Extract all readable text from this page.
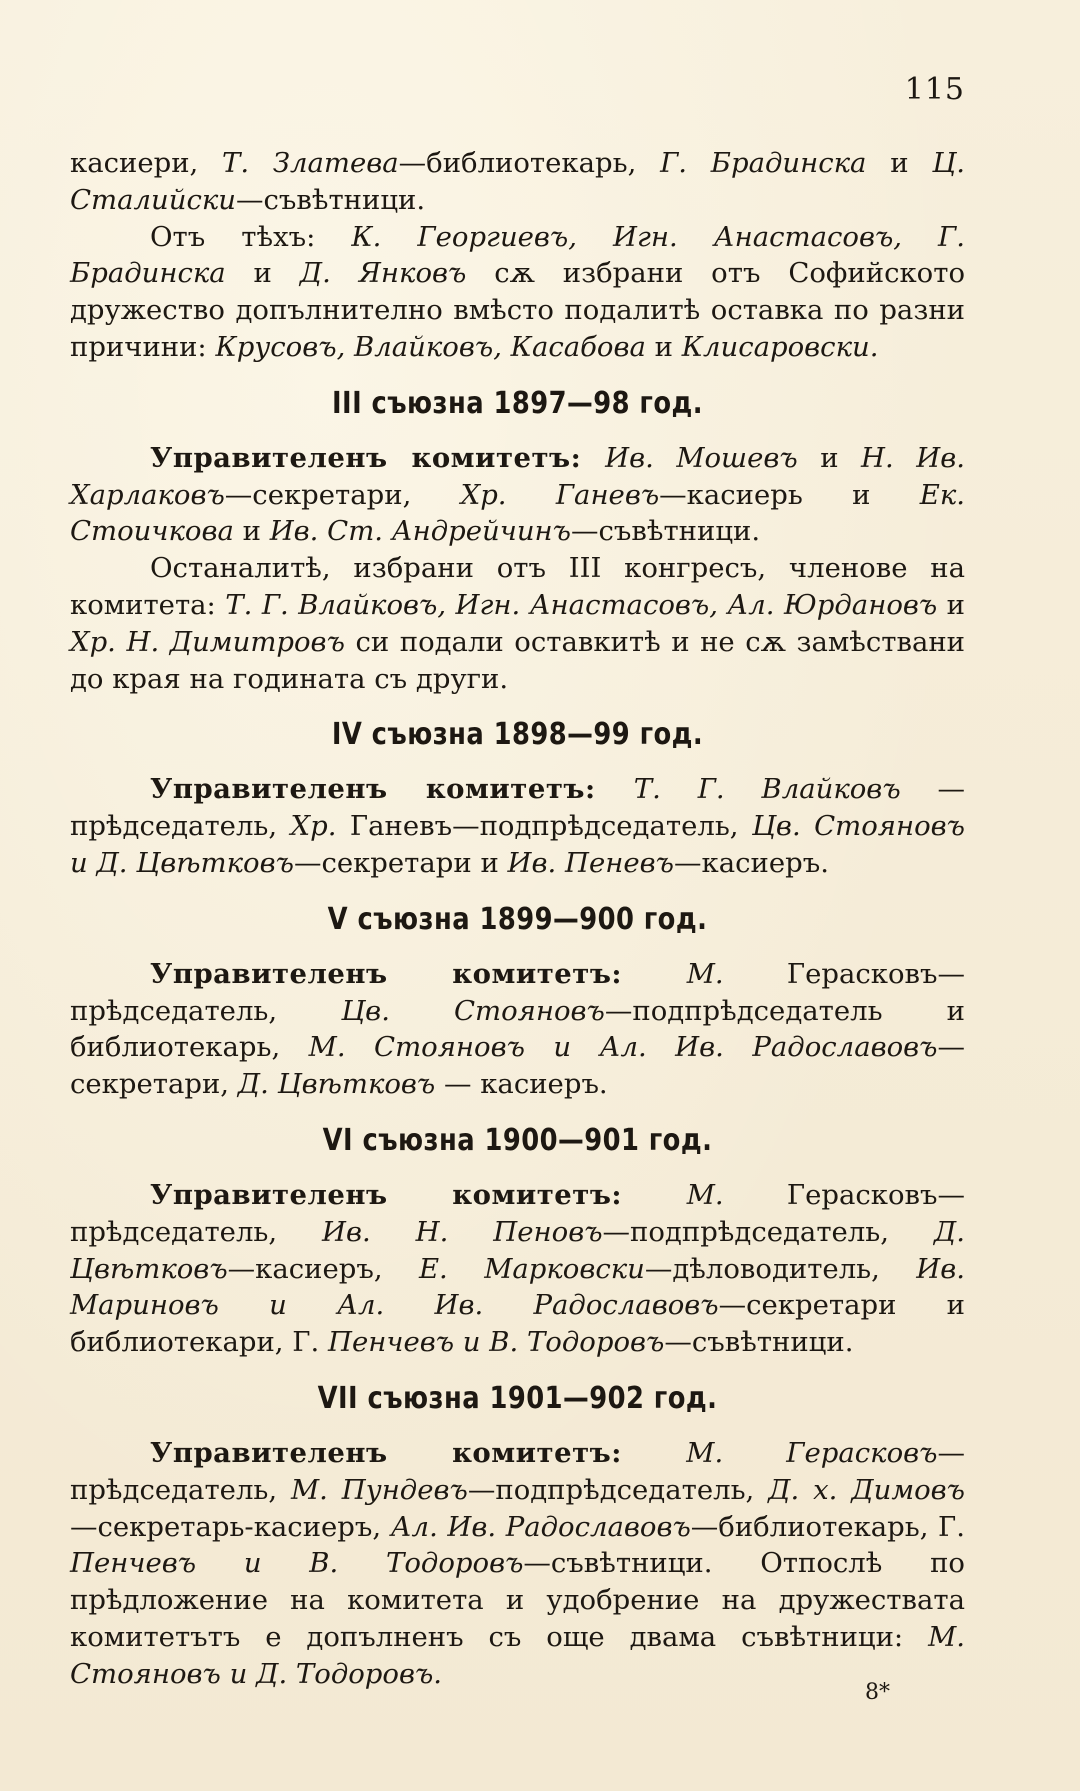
115

касиери, Т. Златева—библиотекарь, Г. Брадинска и Ц. Сталийски—съвѣтници.

Отъ тѣхъ: К. Георгиевъ, Игн. Анастасовъ, Г. Брадинска и Д. Янковъ сѫ избрани отъ Софийското дружество допълнително вмѣсто подалитѣ оставка по разни причини: Крусовъ, Влайковъ, Касабова и Клисаровски.

III съюзна 1897—98 год.

Управителенъ комитетъ: Ив. Мошевъ и Н. Ив. Харлаковъ—секретари, Хр. Ганевъ—касиерь и Ек. Стоичкова и Ив. Ст. Андрейчинъ—съвѣтници.

Останалитѣ, избрани отъ III конгресъ, членове на комитета: Т. Г. Влайковъ, Игн. Анастасовъ, Ал. Юрдановъ и Хр. Н. Димитровъ си подали оставкитѣ и не сѫ замѣствани до края на годината съ други.

IV съюзна 1898—99 год.

Управителенъ комитетъ: Т. Г. Влайковъ — прѣдседатель, Хр. Ганевъ—подпрѣдседатель, Цв. Стояновъ и Д. Цвѣтковъ—секретари и Ив. Пеневъ—касиеръ.

V съюзна 1899—900 год.

Управителенъ комитетъ: М. Герасковъ— прѣдседатель, Цв. Стояновъ—подпрѣдседатель и библиотекарь, М. Стояновъ и Ал. Ив. Радославовъ—секретари, Д. Цвѣтковъ — касиеръ.

VI съюзна 1900—901 год.

Управителенъ комитетъ: М. Герасковъ—прѣдседатель, Ив. Н. Пеновъ—подпрѣдседатель, Д. Цвѣтковъ—касиеръ, Е. Марковски—дѣловодитель, Ив. Мариновъ и Ал. Ив. Радославовъ—секретари и библиотекари, Г. Пенчевъ и В. Тодоровъ—съвѣтници.

VII съюзна 1901—902 год.

Управителенъ комитетъ: М. Герасковъ—прѣдседатель, М. Пундевъ—подпрѣдседатель, Д. х. Димовъ—секретарь-касиеръ, Ал. Ив. Радославовъ—библиотекарь, Г. Пенчевъ и В. Тодоровъ—съвѣтници. Отпослѣ по прѣдложение на комитета и удобрение на дружествата комитетътъ е допълненъ съ още двама съвѣтници: М. Стояновъ и Д. Тодоровъ.

8*
